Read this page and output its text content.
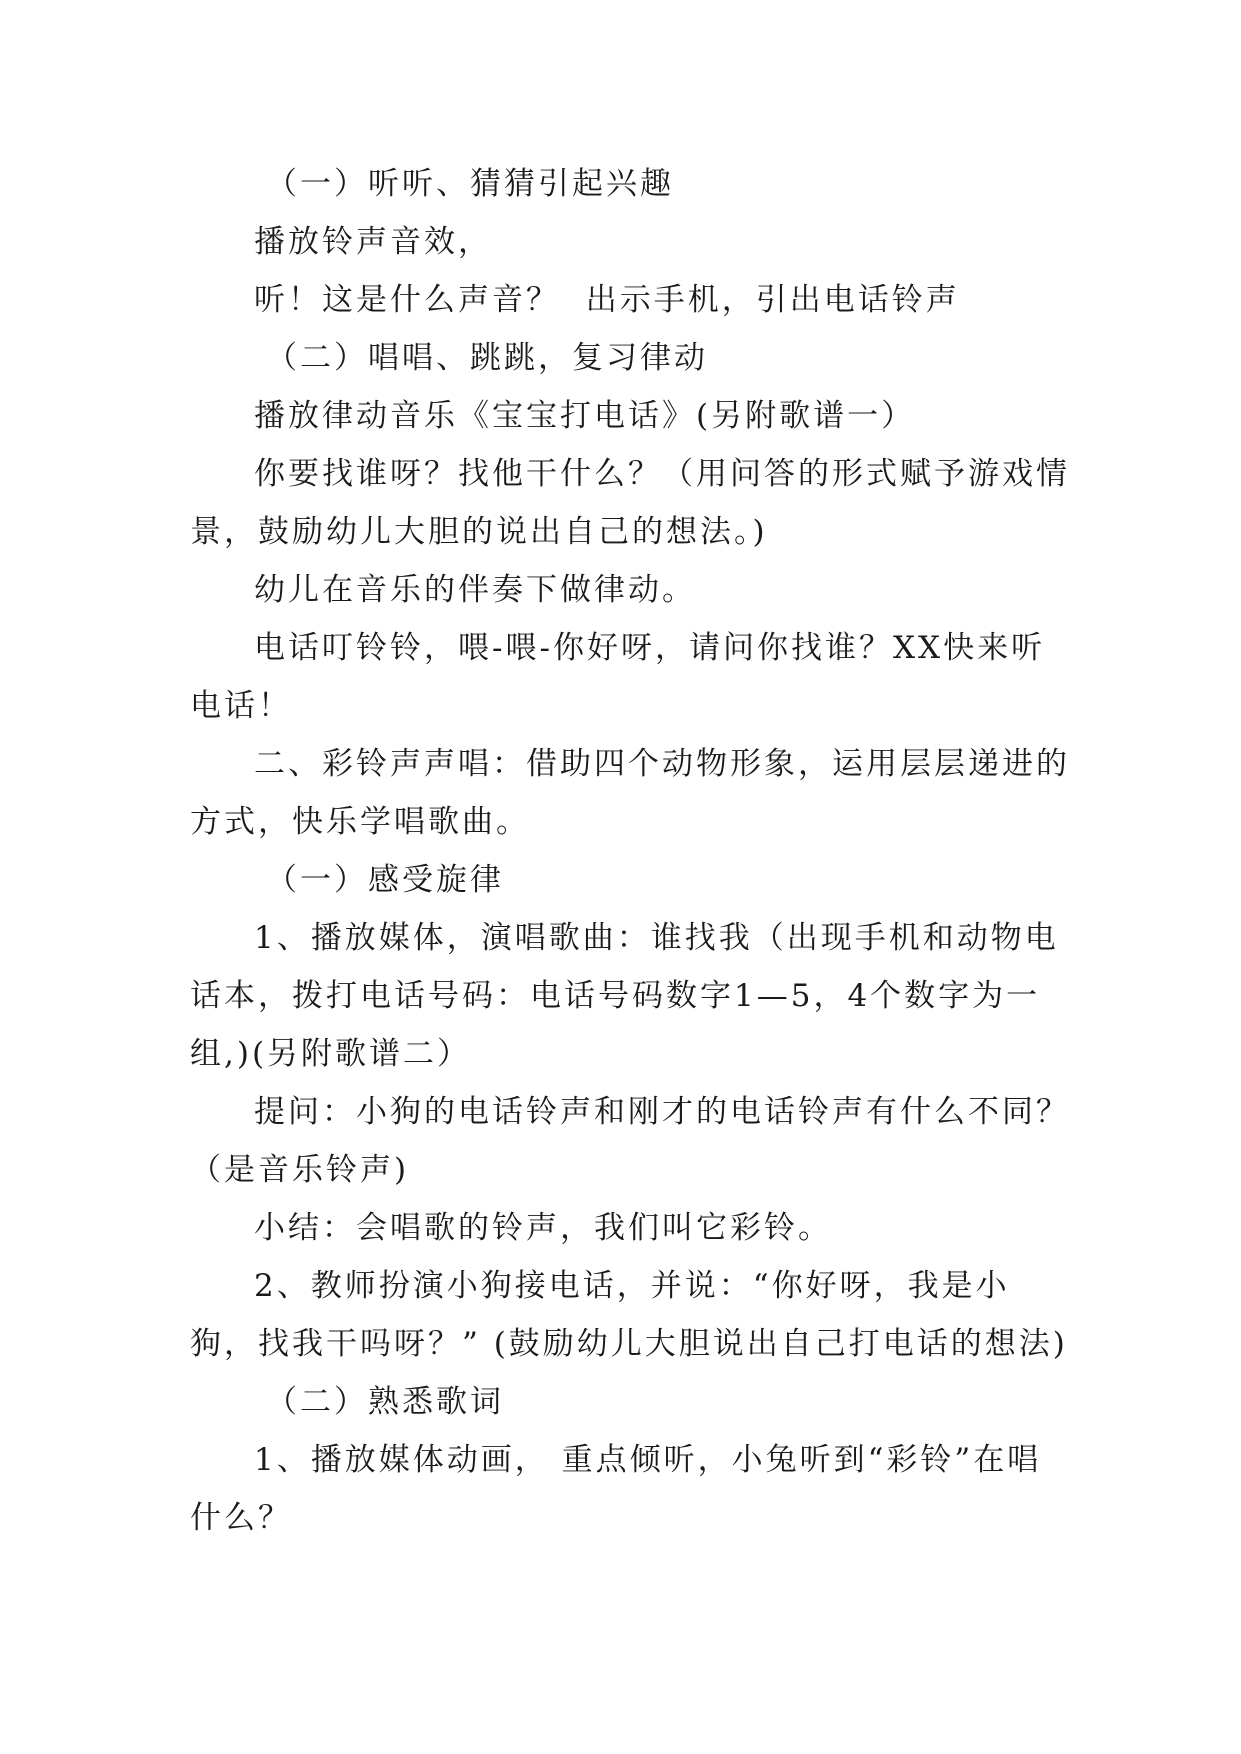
（一）听听、猜猜引起兴趣

播放铃声音效，

听！这是什么声音？  出示手机，引出电话铃声

（二）唱唱、跳跳，复习律动

播放律动音乐《宝宝打电话》(另附歌谱一）

你要找谁呀？找他干什么？（用问答的形式赋予游戏情景，鼓励幼儿大胆的说出自己的想法。)

幼儿在音乐的伴奏下做律动。

电话叮铃铃，喂-喂-你好呀，请问你找谁？XX快来听电话！

二、彩铃声声唱：借助四个动物形象，运用层层递进的方式，快乐学唱歌曲。

（一）感受旋律

1、播放媒体，演唱歌曲：谁找我（出现手机和动物电话本，拨打电话号码：电话号码数字1—5，4个数字为一组,)(另附歌谱二）

提问：小狗的电话铃声和刚才的电话铃声有什么不同？（是音乐铃声)

小结：会唱歌的铃声，我们叫它彩铃。

2、教师扮演小狗接电话，并说：“你好呀，我是小狗，找我干吗呀？” (鼓励幼儿大胆说出自己打电话的想法)

（二）熟悉歌词

1、播放媒体动画， 重点倾听，小兔听到“彩铃”在唱什么？
